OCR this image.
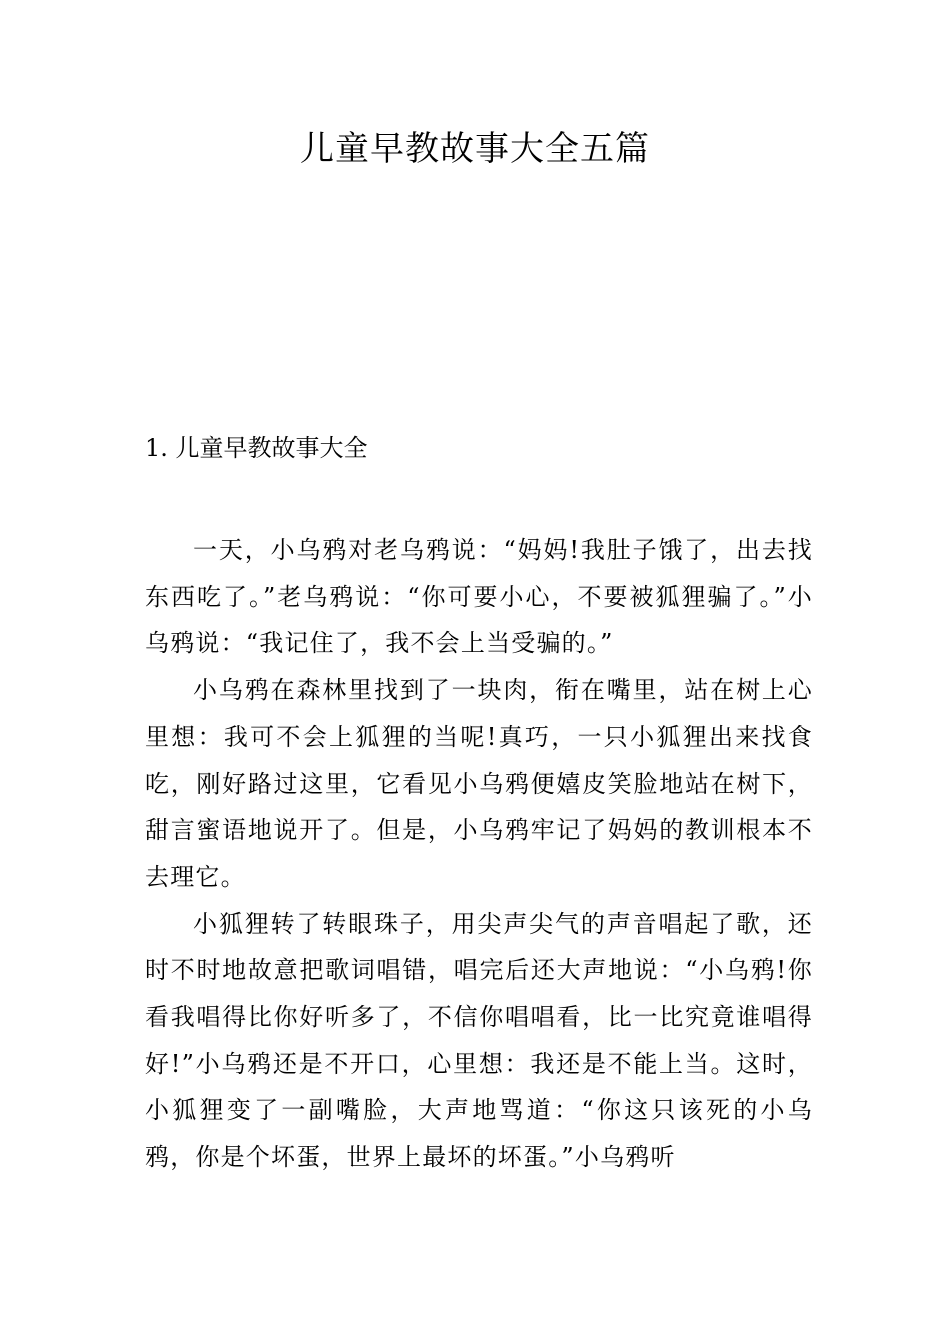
儿童早教故事大全五篇
1. 儿童早教故事大全

一天，小乌鸦对老乌鸦说：“妈妈!我肚子饿了，出去找东西吃了。”老乌鸦说：“你可要小心，不要被狐狸骗了。”小乌鸦说：“我记住了，我不会上当受骗的。”

小乌鸦在森林里找到了一块肉，衔在嘴里，站在树上心里想：我可不会上狐狸的当呢!真巧，一只小狐狸出来找食吃，刚好路过这里，它看见小乌鸦便嬉皮笑脸地站在树下，甜言蜜语地说开了。但是，小乌鸦牢记了妈妈的教训根本不去理它。

小狐狸转了转眼珠子，用尖声尖气的声音唱起了歌，还时不时地故意把歌词唱错，唱完后还大声地说：“小乌鸦!你看我唱得比你好听多了，不信你唱唱看，比一比究竟谁唱得好!”小乌鸦还是不开口，心里想：我还是不能上当。这时，小狐狸变了一副嘴脸，大声地骂道：“你这只该死的小乌鸦，你是个坏蛋，世界上最坏的坏蛋。”小乌鸦听
